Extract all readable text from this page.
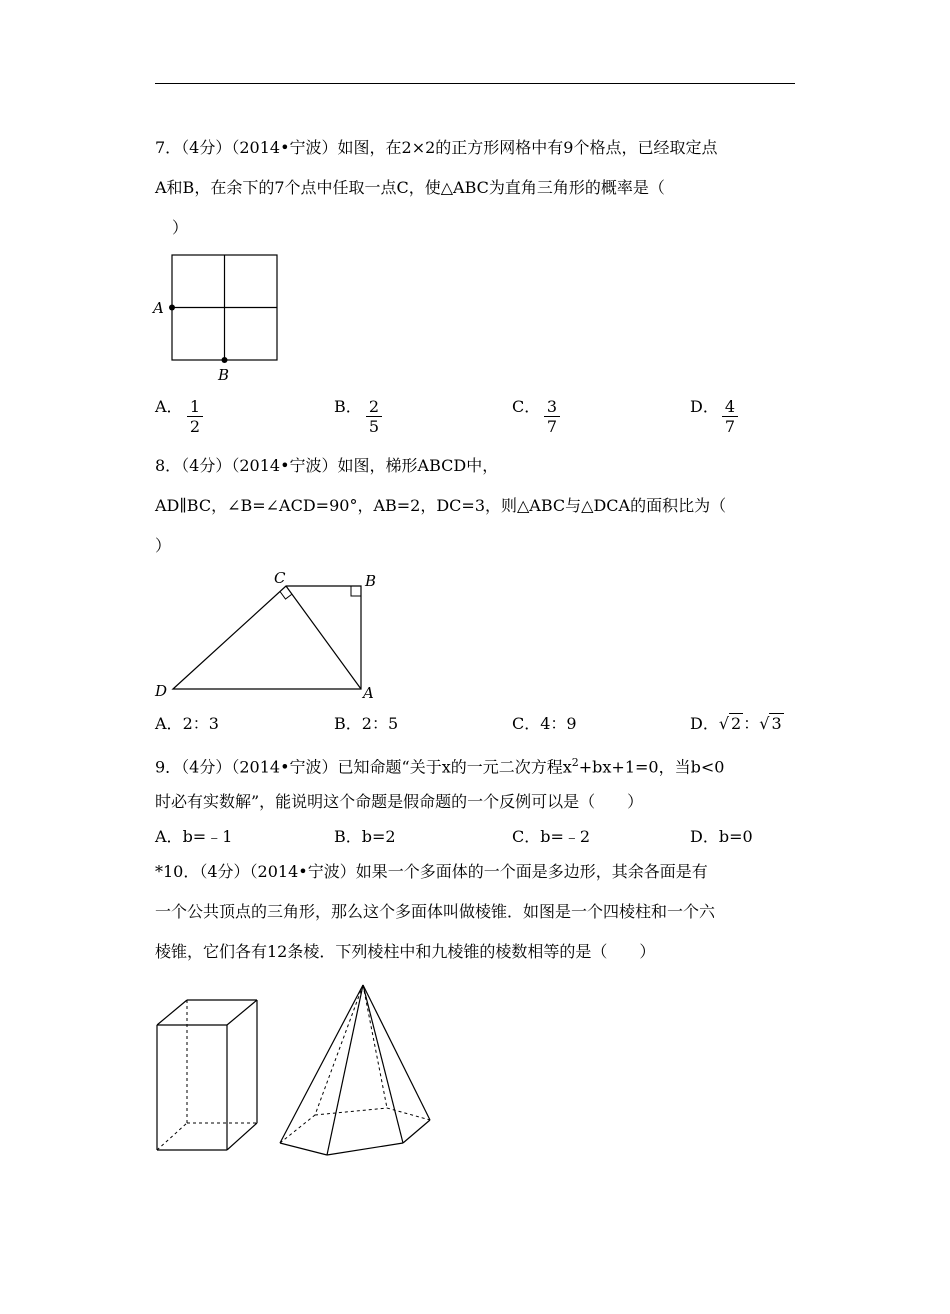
7．（4分）（2014•宁波）如图，在2×2的正方形网格中有9个格点，已经取定点
A和B，在余下的7个点中任取一点C，使△ABC为直角三角形的概率是（
）
A
B
A． $\frac{1}{2}$	B． $\frac{2}{5}$	C． $\frac{3}{7}$	D． $\frac{4}{7}$
8．（4分）（2014•宁波）如图，梯形ABCD中，
AD∥BC，∠B=∠ACD=90°，AB=2，DC=3，则△ABC与△DCA的面积比为（
）
C	B
D	A
A．2：3	B．2：5	C．4：9	D．√ 2 ：√ 3
9．（4分）（2014•宁波）已知命题“关于x的一元二次方程$x^2+bx+1=0$，当b<0
时必有实数解”，能说明这个命题是假命题的一个反例可以是（　　）
A．b=﹣1	B．b=2	C．b=﹣2	D．b=0
*10．（4分）（2014•宁波）如果一个多面体的一个面是多边形，其余各面是有
一个公共顶点的三角形，那么这个多面体叫做棱锥．如图是一个四棱柱和一个六
棱锥，它们各有12条棱．下列棱柱中和九棱锥的棱数相等的是（　　）
